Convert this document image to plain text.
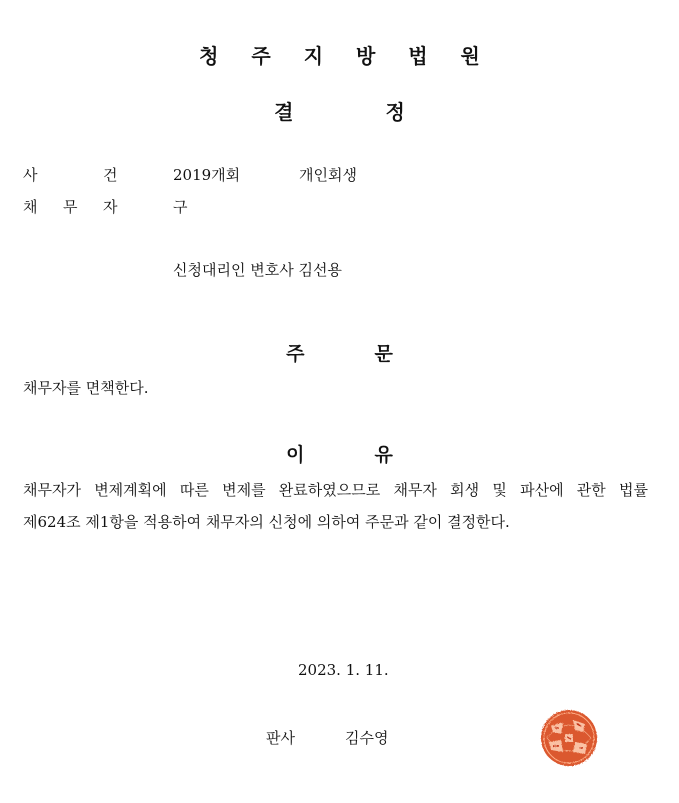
청 주 지 방 법 원
결	정
사	건	2019개회	개인회생
채 무 자	구
신청대리인 변호사 김선용
주	문
채무자를 면책한다.
이	유
채무자가 변제계획에 따른 변제를 완료하였으므로 채무자 회생 및 파산에 관한 법률
제624조 제1항을 적용하여 채무자의 신청에 의하여 주문과 같이 결정한다.
2023. 1. 11.
판사	김수영
